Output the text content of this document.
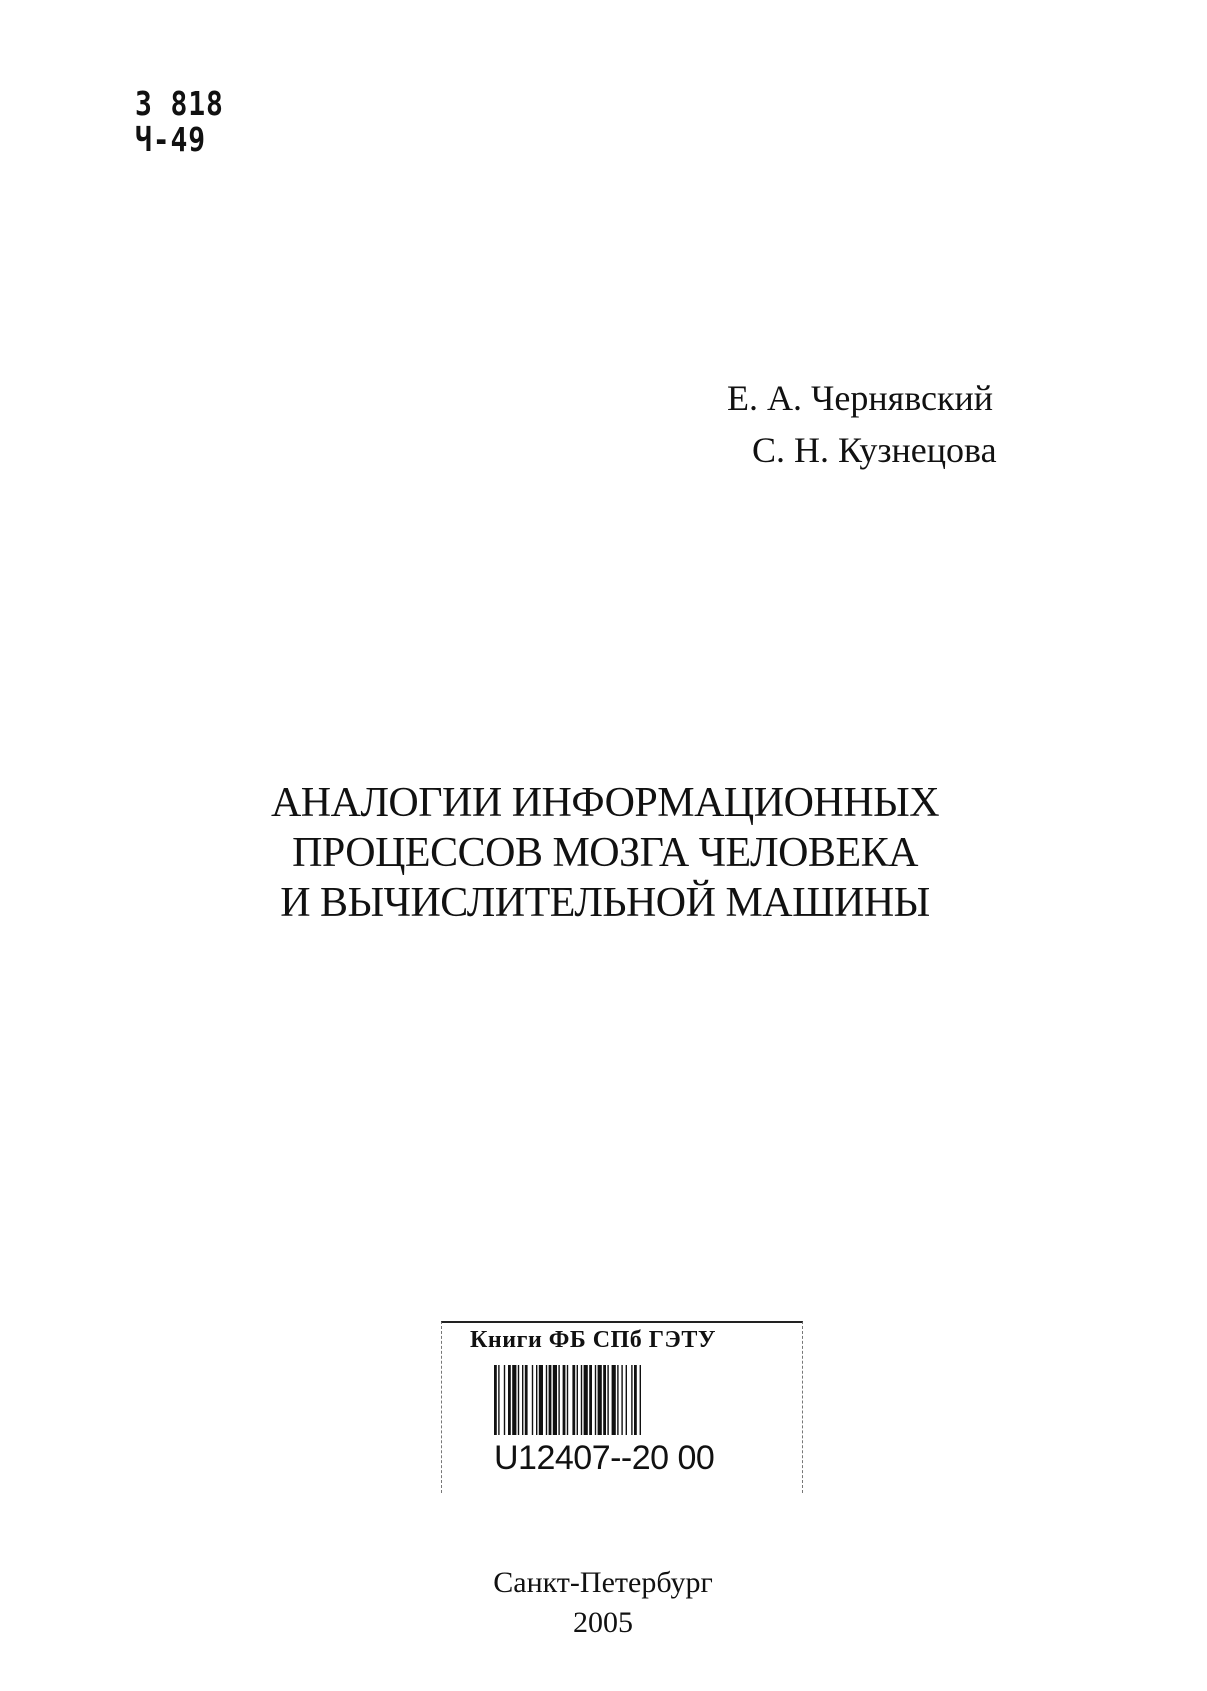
3 818
Ч-49
Е. А. Чернявский
С. Н. Кузнецова
АНАЛОГИИ ИНФОРМАЦИОННЫХ
ПРОЦЕССОВ МОЗГА ЧЕЛОВЕКА
И ВЫЧИСЛИТЕЛЬНОЙ МАШИНЫ
Книги ФБ СПб ГЭТУ
U12407--20 00
Санкт-Петербург
2005
